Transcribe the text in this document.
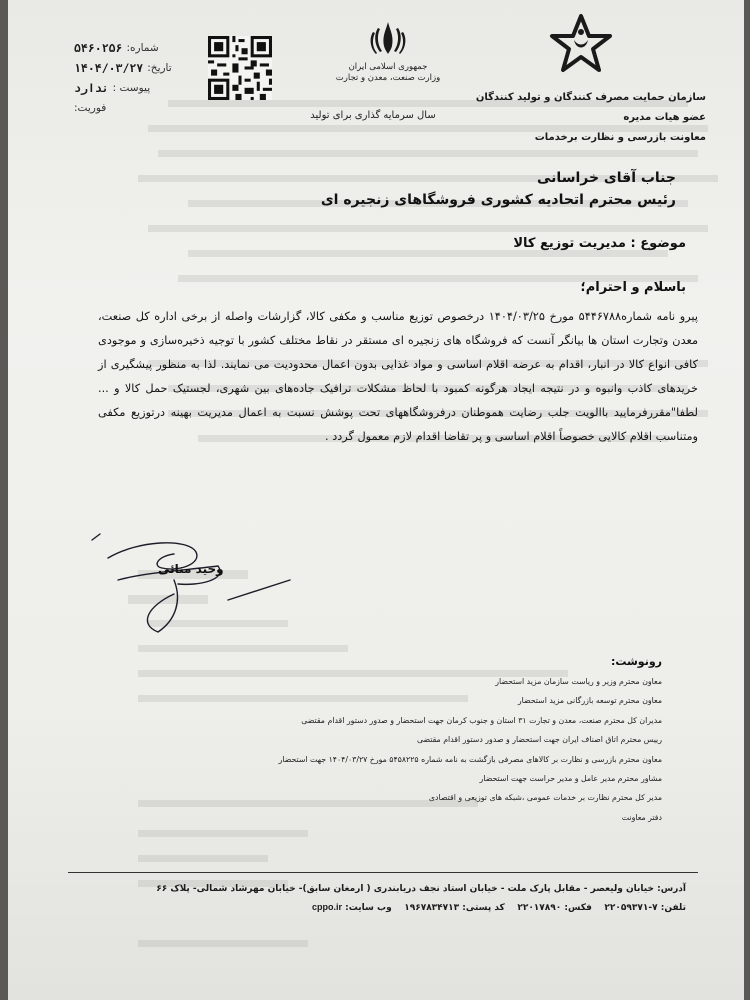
شماره:
۵۴۶۰۲۵۶
تاریخ:
۱۴۰۴/۰۳/۲۷
پیوست :
ندارد
فوریت:
جمهوری اسلامی ایران
وزارت صنعت، معدن و تجارت
سال سرمایه گذاری برای تولید
سازمان حمایت مصرف کنندگان و تولید کنندگان
عضو هیات مدیره
معاونت بازرسی و نظارت برخدمات
جناب آقای خراسانی
رئیس محترم اتحادیه کشوری فروشگاهای زنجیره ای
موضوع : مدیریت توزیع کالا
باسلام و احترام؛

پیرو نامه شماره۵۴۴۶۷۸۸ مورخ ۱۴۰۴/۰۳/۲۵ درخصوص توزیع مناسب و مکفی کالا، گزارشات واصله از برخی اداره کل صنعت، معدن وتجارت استان ها بیانگر آنست که فروشگاه های زنجیره ای مستقر در نقاط مختلف کشور با توجیه ذخیره‌سازی و موجودی کافی انواع کالا در انبار، اقدام به عرضه اقلام اساسی و مواد غذایی بدون اعمال محدودیت می نمایند. لذا به منظور پیشگیری از خریدهای کاذب وانبوه و در نتیجه ایجاد هرگونه کمبود با لحاظ مشکلات ترافیک جاده‌های بین شهری، لجستیک حمل کالا و ... لطفا"مقررفرمایید باالویت جلب رضایت هموطنان درفروشگاههای تحت پوشش نسبت به اعمال مدیریت بهینه درتوزیع مکفی ومتناسب اقلام کالایی خصوصاً اقلام اساسی و پر تقاضا اقدام لازم معمول گردد .

وحید منائی
رونوشت:
معاون محترم وزیر و ریاست سازمان مزید استحضار
معاون محترم توسعه بازرگانی مزید استحضار
مدیران کل محترم صنعت، معدن و تجارت ۳۱ استان و جنوب کرمان جهت استحضار و صدور دستور اقدام مقتضی
رییس محترم اتاق اصناف ایران جهت استحضار و صدور دستور اقدام مقتضی
معاون محترم بازرسی و نظارت بر کالاهای مصرفی بازگشت به نامه شماره ۵۴۵۸۲۲۵ مورخ ۱۴۰۴/۰۳/۲۷ جهت استحضار
مشاور محترم مدیر عامل و مدیر حراست جهت استحضار
مدیر کل محترم نظارت بر خدمات عمومی ،شبکه های توزیعی و اقتصادی
دفتر معاونت
آدرس: خیابان ولیعصر - مقابل پارک ملت - خیابان استاد نجف دریابندری ( ارمغان سابق)- خیابان مهرشاد شمالی- پلاک ۶۶
تلفن: ۷-۲۲۰۵۹۳۷۱    فکس: ۲۲۰۱۷۸۹۰    کد پستی: ۱۹۶۷۸۳۴۷۱۳    وب سایت: cppo.ir
